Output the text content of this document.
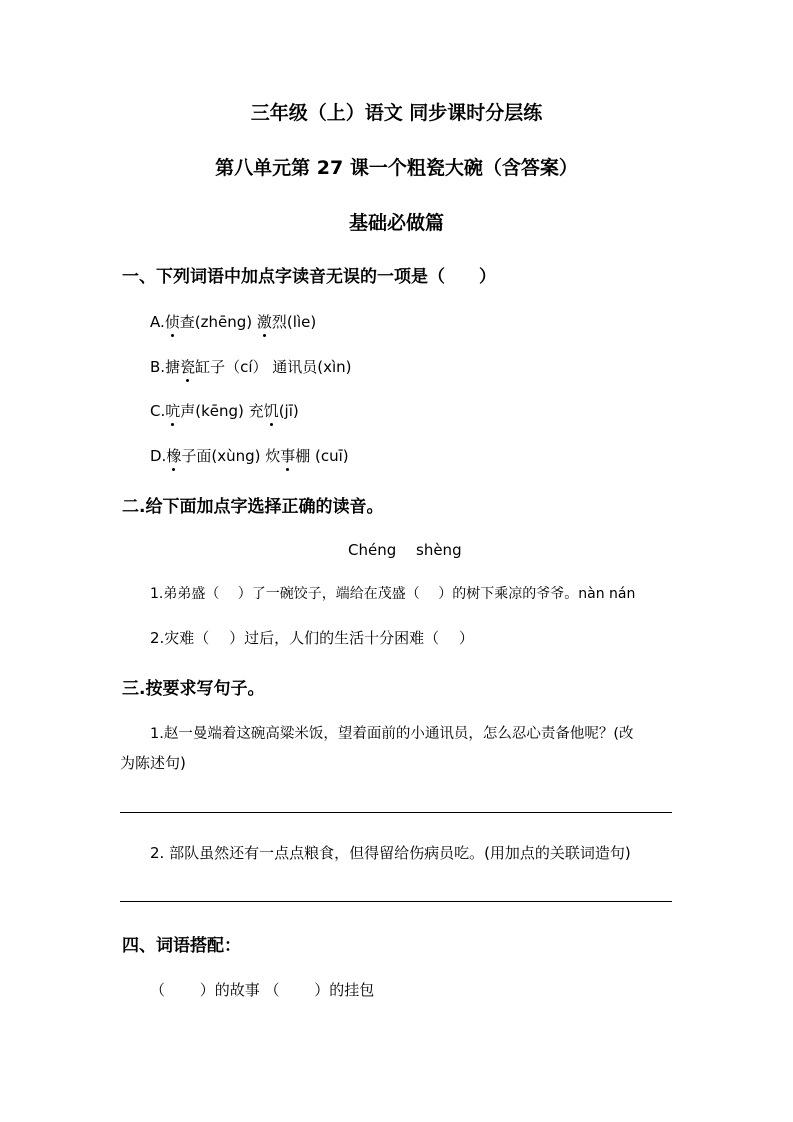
三年级（上）语文 同步课时分层练
第八单元第 27 课一个粗瓷大碗（含答案）
基础必做篇
一、下列词语中加点字读音无误的一项是（　　）
A.侦查(zhēng) 激烈(lìe)
B.搪瓷缸子（cí） 通讯员(xìn)
C.吭声(kēng) 充饥(jī)
D.橡子面(xùng) 炊事棚 (cuī)
二.给下面加点字选择正确的读音。
Chéng　 shèng
1.弟弟盛（　 ）了一碗饺子，端给在茂盛（　 ）的树下乘凉的爷爷。nàn nán
2.灾难（　 ）过后，人们的生活十分困难（　 ）
三.按要求写句子。
1.赵一曼端着这碗高粱米饭，望着面前的小通讯员，怎么忍心责备他呢？(改
为陈述句)
2. 部队虽然还有一点点粮食，但得留给伤病员吃。(用加点的关联词造句)
四、词语搭配：
（　　 ）的故事 （　　 ）的挂包
